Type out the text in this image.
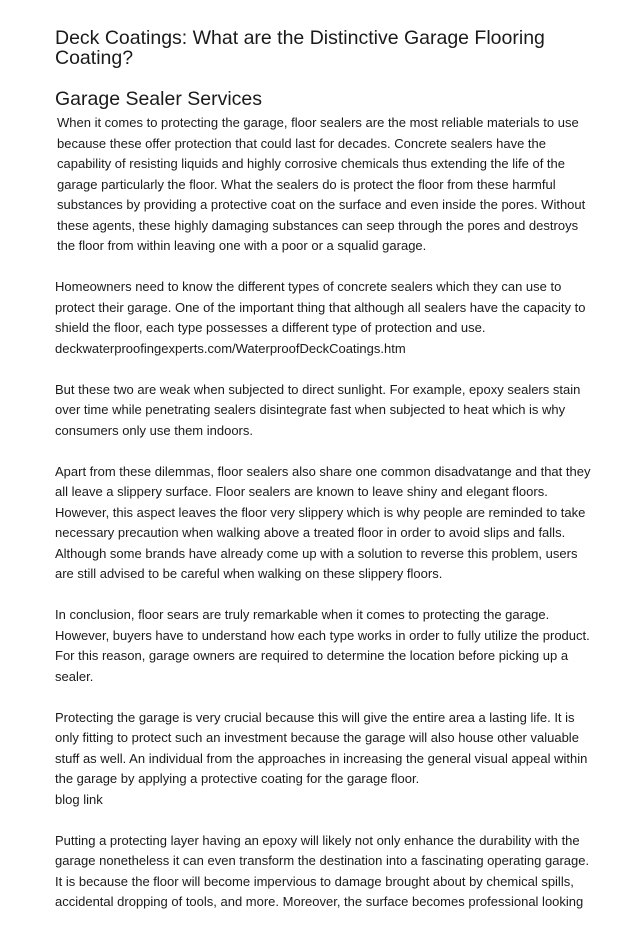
Deck Coatings: What are the Distinctive Garage Flooring
Coating?
Garage Sealer Services

When it comes to protecting the garage, floor sealers are the most reliable materials to use
because these offer protection that could last for decades. Concrete sealers have the
capability of resisting liquids and highly corrosive chemicals thus extending the life of the
garage particularly the floor. What the sealers do is protect the floor from these harmful
substances by providing a protective coat on the surface and even inside the pores. Without
these agents, these highly damaging substances can seep through the pores and destroys
the floor from within leaving one with a poor or a squalid garage.

Homeowners need to know the different types of concrete sealers which they can use to
protect their garage. One of the important thing that although all sealers have the capacity to
shield the floor, each type possesses a different type of protection and use.
deckwaterproofingexperts.com/WaterproofDeckCoatings.htm

But these two are weak when subjected to direct sunlight. For example, epoxy sealers stain
over time while penetrating sealers disintegrate fast when subjected to heat which is why
consumers only use them indoors.

Apart from these dilemmas, floor sealers also share one common disadvatange and that they
all leave a slippery surface. Floor sealers are known to leave shiny and elegant floors.
However, this aspect leaves the floor very slippery which is why people are reminded to take
necessary precaution when walking above a treated floor in order to avoid slips and falls.
Although some brands have already come up with a solution to reverse this problem, users
are still advised to be careful when walking on these slippery floors.

In conclusion, floor sears are truly remarkable when it comes to protecting the garage.
However, buyers have to understand how each type works in order to fully utilize the product.
For this reason, garage owners are required to determine the location before picking up a
sealer.

Protecting the garage is very crucial because this will give the entire area a lasting life. It is
only fitting to protect such an investment because the garage will also house other valuable
stuff as well. An individual from the approaches in increasing the general visual appeal within
the garage by applying a protective coating for the garage floor.
blog link

Putting a protecting layer having an epoxy will likely not only enhance the durability with the
garage nonetheless it can even transform the destination into a fascinating operating garage.
It is because the floor will become impervious to damage brought about by chemical spills,
accidental dropping of tools, and more. Moreover, the surface becomes professional looking
